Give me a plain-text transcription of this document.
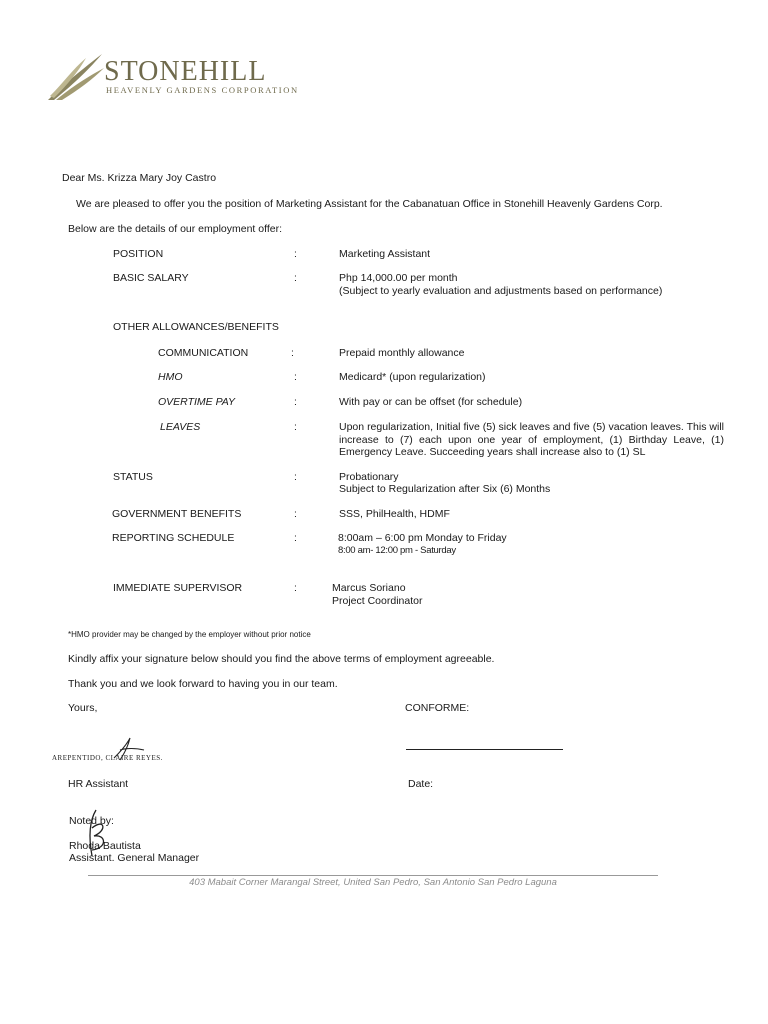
STONEHILL
HEAVENLY GARDENS CORPORATION
Dear Ms. Krizza Mary Joy Castro
We are pleased to offer you the position of Marketing Assistant for the Cabanatuan Office in Stonehill Heavenly Gardens Corp.
Below are the details of our employment offer:
POSITION	:	Marketing Assistant
BASIC SALARY	:	Php 14,000.00 per month
(Subject to yearly evaluation and adjustments based on performance)
OTHER ALLOWANCES/BENEFITS
COMMUNICATION	:	Prepaid monthly allowance
HMO	:	Medicard* (upon regularization)
OVERTIME PAY	:	With pay or can be offset (for schedule)
LEAVES	:	Upon regularization, Initial five (5) sick leaves and five (5) vacation leaves. This will increase to (7) each upon one year of employment, (1) Birthday Leave, (1) Emergency Leave. Succeeding years shall increase also to (1) SL
STATUS	:	Probationary
Subject to Regularization after Six (6) Months
GOVERNMENT BENEFITS	:	SSS, PhilHealth, HDMF
REPORTING SCHEDULE	:	8:00am – 6:00 pm Monday to Friday
8:00 am- 12:00 pm - Saturday
IMMEDIATE SUPERVISOR	:	Marcus Soriano
Project Coordinator
*HMO provider may be changed by the employer without prior notice
Kindly affix your signature below should you find the above terms of employment agreeable.
Thank you and we look forward to having you in our team.
Yours,	CONFORME:
AREPENTIDO, CLAIRE REYES.
HR Assistant	Date:
Noted by:
Rhoda Bautista
Assistant. General Manager
403 Mabait Corner Marangal Street, United San Pedro, San Antonio San Pedro Laguna
